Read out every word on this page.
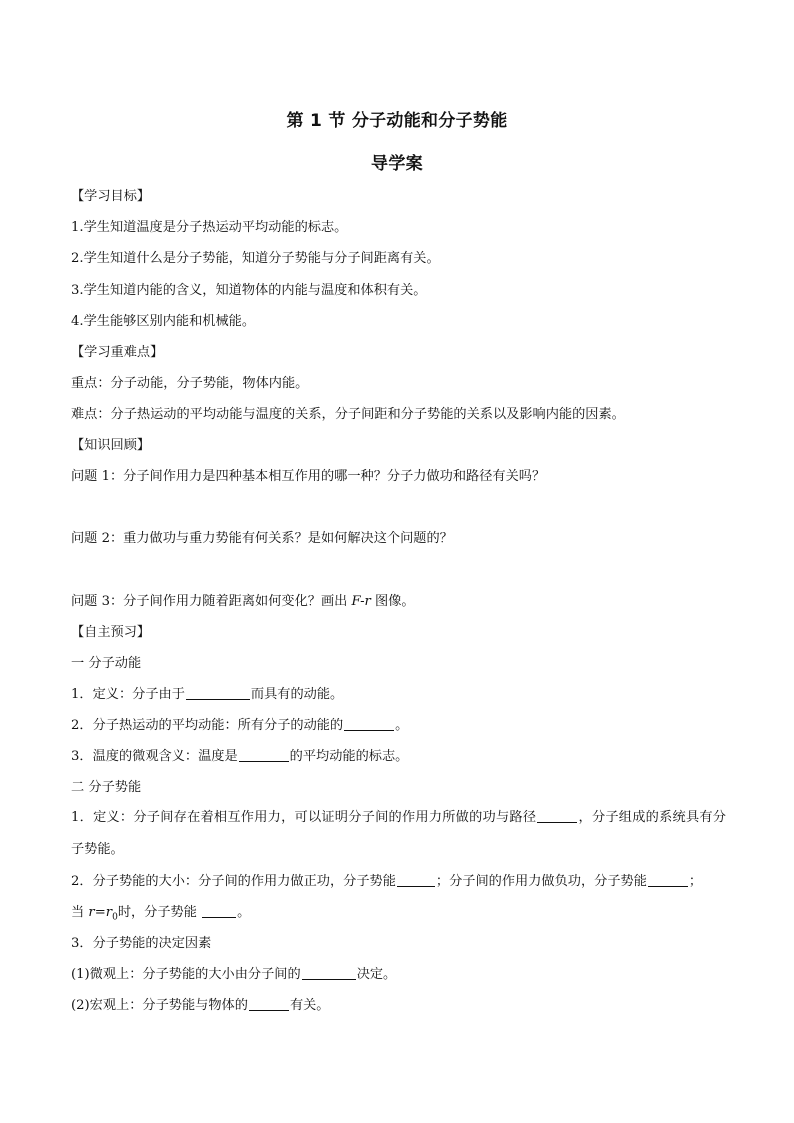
第 1 节 分子动能和分子势能
导学案
【学习目标】
1.学生知道温度是分子热运动平均动能的标志。
2.学生知道什么是分子势能，知道分子势能与分子间距离有关。
3.学生知道内能的含义，知道物体的内能与温度和体积有关。
4.学生能够区别内能和机械能。
【学习重难点】
重点：分子动能，分子势能，物体内能。
难点：分子热运动的平均动能与温度的关系，分子间距和分子势能的关系以及影响内能的因素。
【知识回顾】
问题 1：分子间作用力是四种基本相互作用的哪一种？分子力做功和路径有关吗？
问题 2：重力做功与重力势能有何关系？是如何解决这个问题的？
问题 3：分子间作用力随着距离如何变化？画出 F-r 图像。
【自主预习】
一 分子动能
1．定义：分子由于	而具有的动能。
2．分子热运动的平均动能：所有分子的动能的	。
3．温度的微观含义：温度是	的平均动能的标志。
二 分子势能
1．定义：分子间存在着相互作用力，可以证明分子间的作用力所做的功与路径	，分子组成的系统具有分子势能。
2．分子势能的大小：分子间的作用力做正功，分子势能	；分子间的作用力做负功，分子势能	；
当 $r=r_0$时，分子势能	。
3．分子势能的决定因素
(1)微观上：分子势能的大小由分子间的	决定。
(2)宏观上：分子势能与物体的	有关。
